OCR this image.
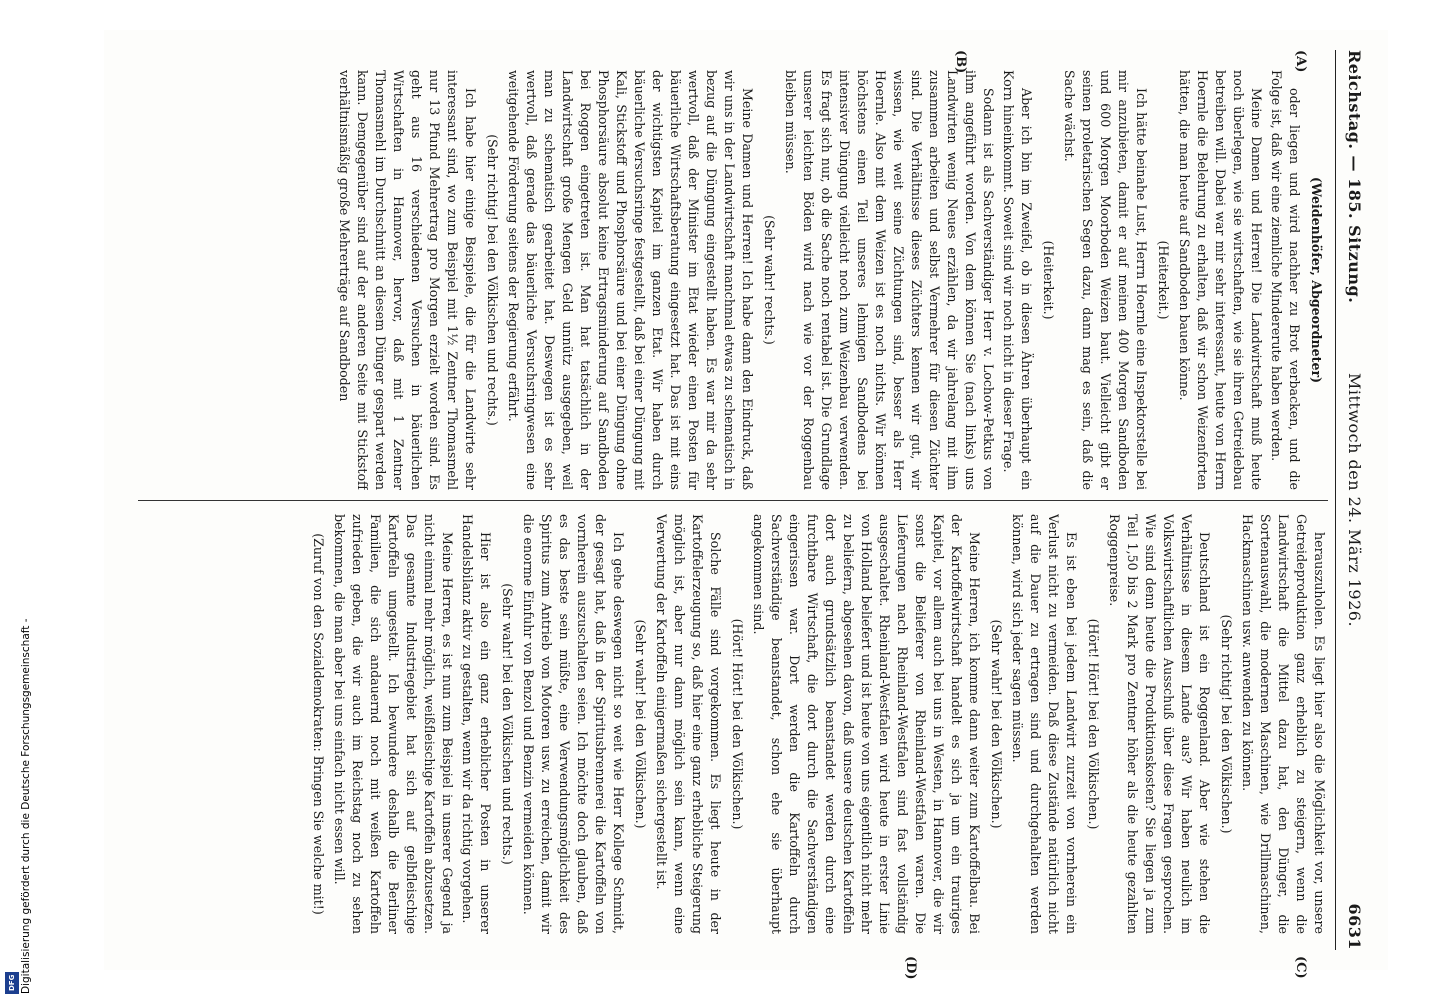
Reichstag. — 185. Sitzung.
Mittwoch den 24. März 1926.
6631
(A)
(B)
(C)
(D)

(Weidenhöfer, Abgeordneter)

oder liegen und wird nachher zu Brot verbacken, und die Folge ist, daß wir eine ziemliche Mindererute haben werden.

Meine Damen und Herren! Die Landwirtschaft muß heute noch überlegen, wie sie wirtschaften, wie sie ihren Getreidebau betreiben will. Dabei war mir sehr interessant, heute von Herrn Hoernle die Belehrung zu erhalten, daß wir schon Weizenforten hätten, die man heute auf Sandboden bauen könne.

(Heiterkeit.)

Ich hätte beinahe Lust, Herrn Hoernle eine Inspektorstelle bei mir anzubieten, damit er auf meinen 400 Morgen Sandboden und 600 Morgen Moorboden Weizen baut. Vielleicht gibt er seinen proletarischen Segen dazu, dann mag es sein, daß die Sache wächst.

(Heiterkeit.)

Aber ich bin im Zweifel, ob in diesen Ähren überhaupt ein Korn hineinkommt. Soweit sind wir noch nicht in dieser Frage.

Sodann ist als Sachverständiger Herr v. Lochow-Petkus von ihm angeführt worden. Von dem können Sie (nach links) uns Landwirten wenig Neues erzählen, da wir jahrelang mit ihm zusammen arbeiten und selbst Vermehrer für diesen Züchter sind. Die Verhältnisse dieses Züchters kennen wir gut, wir wissen, wie weit seine Züchtungen sind, besser als Herr Hoernle. Also mit dem Weizen ist es noch nichts. Wir können höchstens einen Teil unseres lehmigen Sandbodens bei intensiver Düngung vielleicht noch zum Weizenbau verwenden. Es fragt sich nur, ob die Sache noch rentabel ist. Die Grundlage unserer leichten Böden wird nach wie vor der Roggenbau bleiben müssen.

(Sehr wahr! rechts.)

Meine Damen und Herren! Ich habe dann den Eindruck, daß wir uns in der Landwirtschaft manchmal etwas zu schematisch in bezug auf die Düngung eingestellt haben. Es war mir da sehr wertvoll, daß der Minister im Etat wieder einen Posten für bäuerliche Wirtschaftsberatung eingesetzt hat. Das ist mit eins der wichtigsten Kapitel im ganzen Etat. Wir haben durch bäuerliche Versuchsringe festgestellt, daß bei einer Düngung mit Kali, Stickstoff und Phosphorsäure und bei einer Düngung ohne Phosphorsäure absolut keine Ertragsminderung auf Sandboden bei Roggen eingetreten ist. Man hat tatsächlich in der Landwirtschaft große Mengen Geld unnütz ausgegeben, weil man zu schematisch gearbeitet hat. Deswegen ist es sehr wertvoll, daß gerade das bäuerliche Versuchsringwesen eine weitgehende Förderung seitens der Regierung erfährt.

(Sehr richtig! bei den Völkischen und rechts.)

Ich habe hier einige Beispiele, die für die Landwirte sehr interessant sind, wo zum Beispiel mit 1½ Zentner Thomasmehl nur 13 Pfund Mehrertrag pro Morgen erzielt worden sind. Es geht aus 16 verschiedenen Versuchen in bäuerlichen Wirtschaften in Hannover, hervor, daß mit 1 Zentner Thomasmehl im Durchschnitt an diesem Dünger gespart werden kann. Demgegenüber sind auf der anderen Seite mit Stickstoff verhältnismäßig große Mehrerträge auf Sandboden

herauszuholen. Es liegt hier also die Möglichkeit vor, unsere Getreideproduktion ganz erheblich zu steigern, wenn die Landwirtschaft die Mittel dazu hat, den Dünger, die Sortenauswahl, die modernen Maschinen, wie Drillmaschinen, Hackmaschinen usw. anwenden zu können.

(Sehr richtig! bei den Völkischen.)

Deutschland ist ein Roggenland. Aber wie stehen die Verhältnisse in diesem Lande aus? Wir haben neulich im Volkswirtschaftlichen Ausschuß über diese Fragen gesprochen. Wie sind denn heute die Produktionskosten? Sie liegen ja zum Teil 1,50 bis 2 Mark pro Zentner höher als die heute gezahlten Roggenpreise.

(Hört! Hört! bei den Völkischen.)

Es ist eben bei jedem Landwirt zurzeit von vornherein ein Verlust nicht zu vermeiden. Daß diese Zustände natürlich nicht auf die Dauer zu ertragen sind und durchgehalten werden können, wird sich jeder sagen müssen.

(Sehr wahr! bei den Völkischen.)

Meine Herren, ich komme dann weiter zum Kartoffelbau. Bei der Kartoffelwirtschaft handelt es sich ja um ein trauriges Kapitel, vor allem auch bei uns in Westen, in Hannover, die wir sonst die Belieferer von Rheinland-Westfalen waren. Die Lieferungen nach Rheinland-Westfalen sind fast vollständig ausgeschaltet. Rheinland-Westfalen wird heute in erster Linie von Holland beliefert und ist heute von uns eigentlich nicht mehr zu beliefern, abgesehen davon, daß unsere deutschen Kartoffeln dort auch grundsätzlich beanstandet werden durch eine furchtbare Wirtschaft, die dort durch die Sachverständigen eingerissen war. Dort werden die Kartoffeln durch Sachverständige beanstandet, schon ehe sie überhaupt angekommen sind.

(Hört! Hört! bei den Völkischen.)

Solche Fälle sind vorgekommen. Es liegt heute in der Kartoffelerzeugung so, daß hier eine ganz erhebliche Steigerung möglich ist, aber nur dann möglich sein kann, wenn eine Verwertung der Kartoffeln einigermaßen sichergestellt ist.

(Sehr wahr! bei den Völkischen.)

Ich gehe deswegen nicht so weit wie Herr Kollege Schmidt, der gesagt hat, daß in der Spiritusbrennerei die Kartoffeln von vornherein auszuschalten seien. Ich möchte doch glauben, daß es das beste sein müßte, eine Verwendungsmöglichkeit des Spiritus zum Antrieb von Motoren usw. zu erreichen, damit wir die enorme Einfuhr von Benzol und Benzin vermeiden können.

(Sehr wahr! bei den Völkischen und rechts.)

Hier ist also ein ganz erheblicher Posten in unserer Handelsbilanz aktiv zu gestalten, wenn wir da richtig vorgehen.

Meine Herren, es ist nun zum Beispiel in unserer Gegend ja nicht einmal mehr möglich, weißfleischige Kartoffeln abzusetzen. Das gesamte Industriegebiet hat sich auf gelbfleischige Kartoffeln umgestellt. Ich bewundere deshalb die Berliner Familien, die sich andauernd noch mit weißen Kartoffeln zufrieden geben, die wir auch im Reichstag noch zu sehen bekommen, die man aber bei uns einfach nicht essen will.

(Zuruf von den Sozialdemokraten: Bringen Sie welche mit!)

Digitalisierung gefördert durch die Deutsche Forschungsgemeinschaft -
DFG
